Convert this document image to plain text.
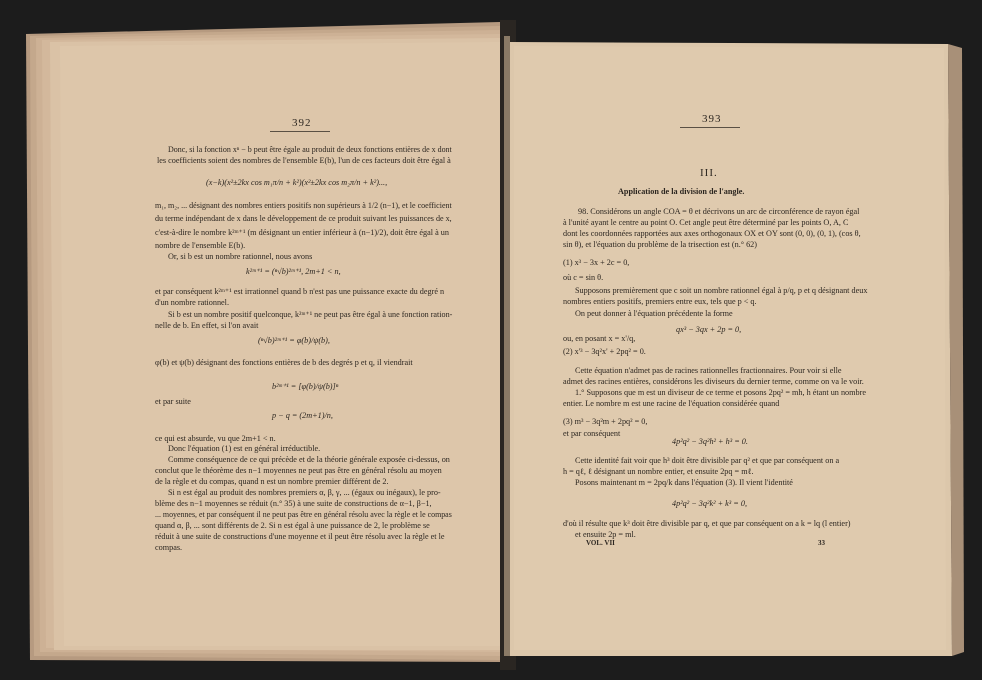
392
Donc, si la fonction xⁿ − b peut être égale au produit de deux fonctions entières de x dont
les coefficients soient des nombres de l'ensemble E(b), l'un de ces facteurs doit être égal à
(x−k)(x²±2kx cos m₁π/n + k²)(x²±2kx cos m₂π/n + k²)...,
m₁, m₂, ... désignant des nombres entiers positifs non supérieurs à 1/2 (n−1), et le coefficient
du terme indépendant de x dans le développement de ce produit suivant les puissances de x,
c'est-à-dire le nombre k²ᵐ⁺¹ (m désignant un entier inférieur à (n−1)/2), doit être égal à un
nombre de l'ensemble E(b).
Or, si b est un nombre rationnel, nous avons
k²ᵐ⁺¹ = (ⁿ√b)²ᵐ⁺¹, 2m+1 < n,
et par conséquent k²ᵐ⁺¹ est irrationnel quand b n'est pas une puissance exacte du degré n
d'un nombre rationnel.
Si b est un nombre positif quelconque, k²ᵐ⁺¹ ne peut pas être égal à une fonction ration-
nelle de b. En effet, si l'on avait
(ⁿ√b)²ᵐ⁺¹ = φ(b)/ψ(b),
φ(b) et ψ(b) désignant des fonctions entières de b des degrés p et q, il viendrait
b²ᵐ⁺¹ = [φ(b)/ψ(b)]ⁿ
et par suite
p − q = (2m+1)/n,
ce qui est absurde, vu que 2m+1 < n.
Donc l'équation (1) est en général irréductible.
Comme conséquence de ce qui précède et de la théorie générale exposée ci-dessus, on
conclut que le théorème des n−1 moyennes ne peut pas être en général résolu au moyen
de la règle et du compas, quand n est un nombre premier différent de 2.
Si n est égal au produit des nombres premiers α, β, γ, ... (égaux ou inégaux), le pro-
blème des n−1 moyennes se réduit (n.° 35) à une suite de constructions de α−1, β−1,
... moyennes, et par conséquent il ne peut pas être en général résolu avec la règle et le compas
quand α, β, ... sont différents de 2. Si n est égal à une puissance de 2, le problème se
réduit à une suite de constructions d'une moyenne et il peut être résolu avec la règle et le
compas.
393
III.
Application de la division de l'angle.
98. Considérons un angle COA = θ et décrivons un arc de circonférence de rayon égal
à l'unité ayant le centre au point O. Cet angle peut être déterminé par les points O, A, C
dont les coordonnées rapportées aux axes orthogonaux OX et OY sont (0, 0), (0, 1), (cos θ,
sin θ), et l'équation du problème de la trisection est (n.° 62)
(1) x³ − 3x + 2c = 0,
où c = sin θ.
Supposons premièrement que c soit un nombre rationnel égal à p/q, p et q désignant deux
nombres entiers positifs, premiers entre eux, tels que p < q.
On peut donner à l'équation précédente la forme
qx³ − 3qx + 2p = 0,
ou, en posant x = x'/q,
(2) x'³ − 3q²x' + 2pq² = 0.
Cette équation n'admet pas de racines rationnelles fractionnaires. Pour voir si elle
admet des racines entières, considérons les diviseurs du dernier terme, comme on va le voir.
1.° Supposons que m est un diviseur de ce terme et posons 2pq² = mh, h étant un nombre
entier. Le nombre m est une racine de l'équation considérée quand
(3) m³ − 3q²m + 2pq² = 0,
et par conséquent
4p²q² − 3q²h² + h³ = 0.
Cette identité fait voir que h³ doit être divisible par q² et que par conséquent on a
h = qℓ, ℓ désignant un nombre entier, et ensuite 2pq = mℓ.
Posons maintenant m = 2pq/k dans l'équation (3). Il vient l'identité
4p²q² − 3q²k² + k³ = 0,
d'où il résulte que k³ doit être divisible par q, et que par conséquent on a k = lq (l entier)
et ensuite 2p = ml.
VOL. VII	33
